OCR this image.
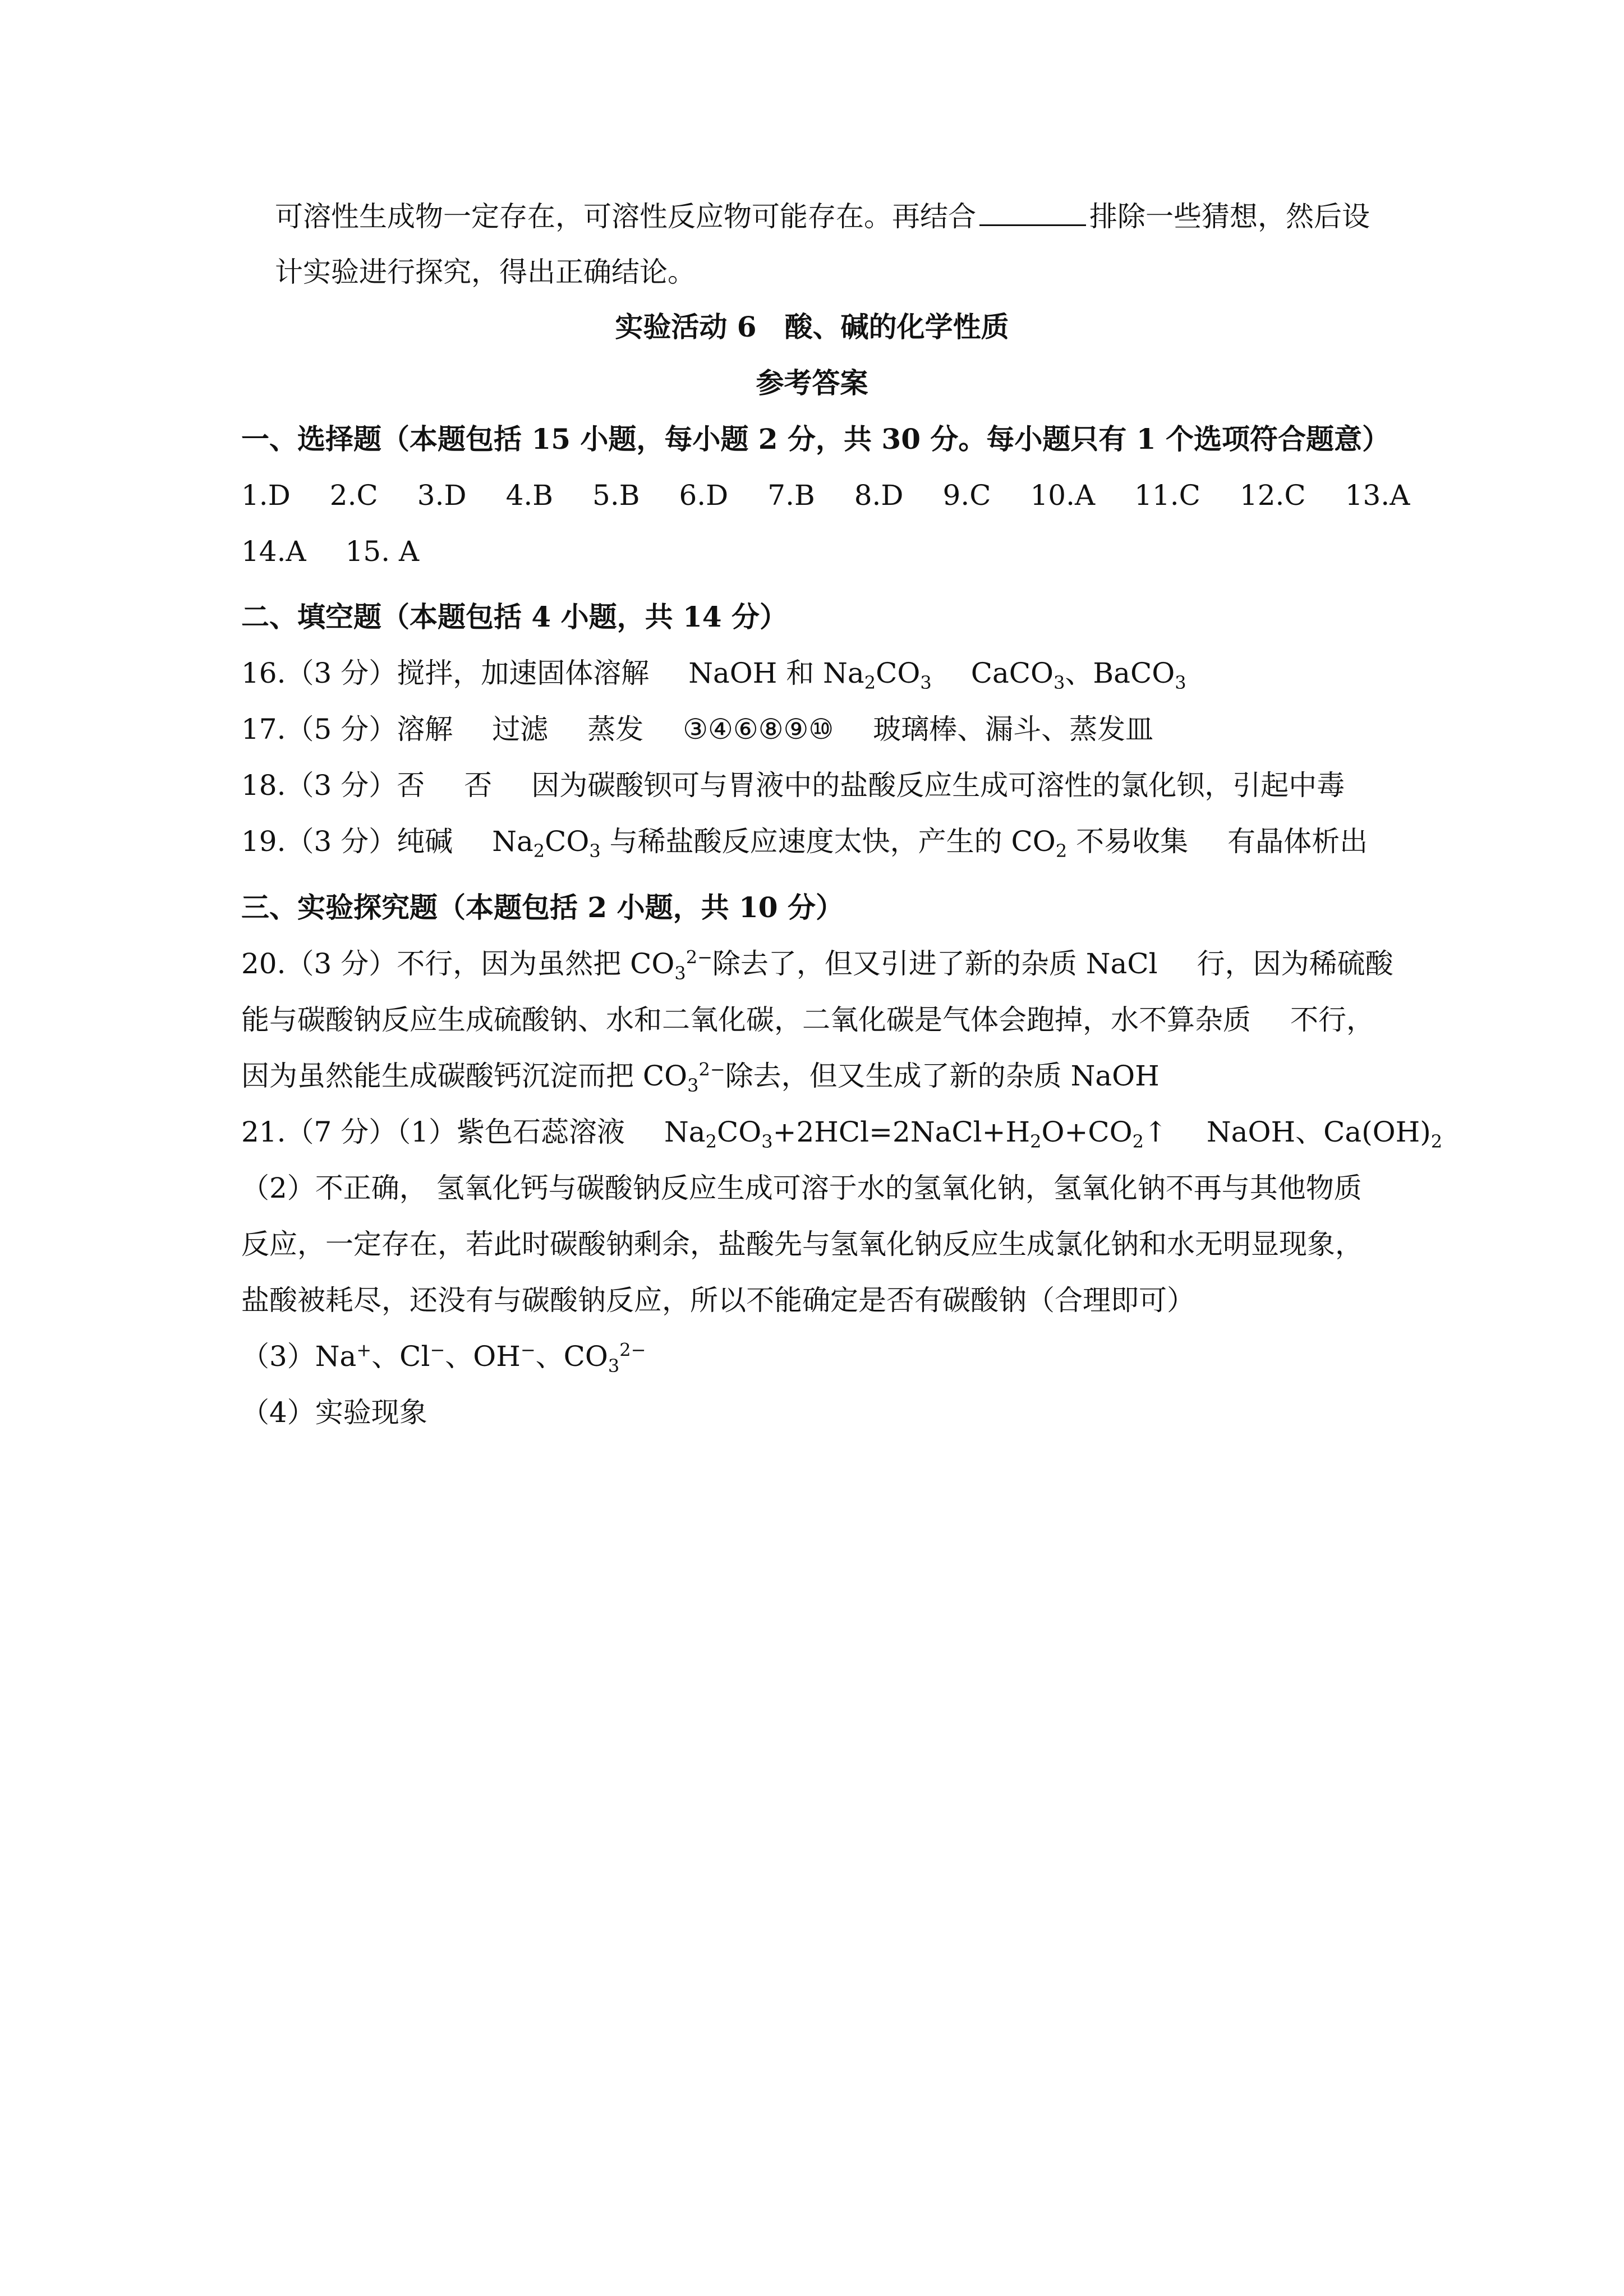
可溶性生成物一定存在，可溶性反应物可能存在。再结合	排除一些猜想，然后设
计实验进行探究，得出正确结论。
实验活动 6　酸、碱的化学性质
参考答案
一、选择题（本题包括 15 小题，每小题 2 分，共 30 分。每小题只有 1 个选项符合题意）
1.D 2.C 3.D 4.B 5.B 6.D 7.B 8.D 9.C 10.A 11.C 12.C 13.A
14.A 15. A
二、填空题（本题包括 4 小题，共 14 分）
16.（3 分）搅拌，加速固体溶解 NaOH 和 $Na_2CO_3$ CaCO$_3$、BaCO$_3$
17.（5 分）溶解 过滤 蒸发 ③④⑥⑧⑨⑩ 玻璃棒、漏斗、蒸发皿
18.（3 分）否 否 因为碳酸钡可与胃液中的盐酸反应生成可溶性的氯化钡，引起中毒
19.（3 分）纯碱 $Na_2CO_3$ 与稀盐酸反应速度太快，产生的 $CO_2$ 不易收集 有晶体析出
三、实验探究题（本题包括 2 小题，共 10 分）
20.（3 分）不行，因为虽然把 $CO_3^{2-}$除去了，但又引进了新的杂质 NaCl 行，因为稀硫酸
能与碳酸钠反应生成硫酸钠、水和二氧化碳，二氧化碳是气体会跑掉，水不算杂质 不行，
因为虽然能生成碳酸钙沉淀而把 $CO_3^{2-}$除去，但又生成了新的杂质 NaOH
21.（7 分）（1）紫色石蕊溶液 $Na_2CO_3+2HCl=2NaCl+H_2O+CO_2↑$ NaOH、$Ca(OH)_2$
（2）不正确， 氢氧化钙与碳酸钠反应生成可溶于水的氢氧化钠，氢氧化钠不再与其他物质
反应，一定存在，若此时碳酸钠剩余，盐酸先与氢氧化钠反应生成氯化钠和水无明显现象，
盐酸被耗尽，还没有与碳酸钠反应，所以不能确定是否有碳酸钠（合理即可）
（3）Na+、Cl−、OH−、$CO_3^{2-}$
（4）实验现象
